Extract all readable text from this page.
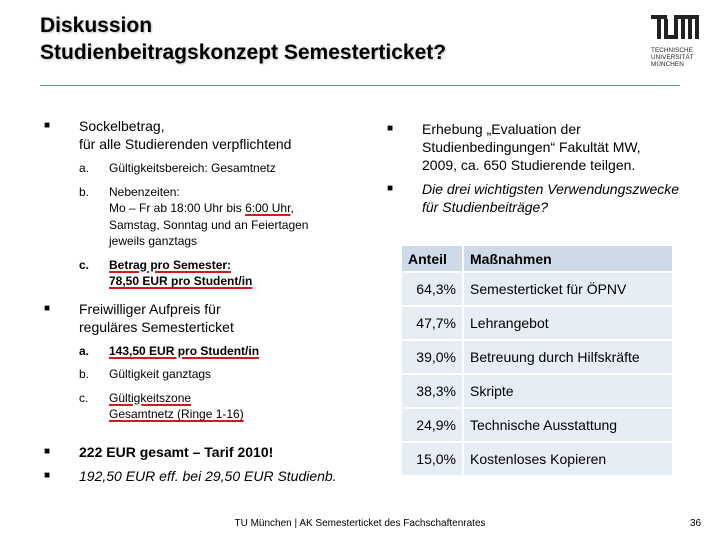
Diskussion
Studienbeitragskonzept Semesterticket?	TECHNISCHE
UNIVERSITÄT
MÜNCHEN
■ Sockelbetrag,
für alle Studierenden verpflichtend
a. Gültigkeitsbereich: Gesamtnetz
b. Nebenzeiten:
Mo – Fr ab 18:00 Uhr bis 6:00 Uhr,
Samstag, Sonntag und an Feiertagen
jeweils ganztags
c. Betrag pro Semester:
78,50 EUR pro Student/in
■ Freiwilliger Aufpreis für
reguläres Semesterticket
a. 143,50 EUR pro Student/in
b. Gültigkeit ganztags
c. Gültigkeitszone
Gesamtnetz (Ringe 1-16)
■ 222 EUR gesamt – Tarif 2010!
■ 192,50 EUR eff. bei 29,50 EUR Studienb.
■ Erhebung „Evaluation der
Studienbedingungen“ Fakultät MW,
2009, ca. 650 Studierende teilgen.
■ Die drei wichtigsten Verwendungszwecke
für Studienbeiträge?
Anteil	Maßnahmen
64,3%	Semesterticket für ÖPNV
47,7%	Lehrangebot
39,0%	Betreuung durch Hilfskräfte
38,3%	Skripte
24,9%	Technische Ausstattung
15,0%	Kostenloses Kopieren
TU München | AK Semesterticket des Fachschaftenrates	36
